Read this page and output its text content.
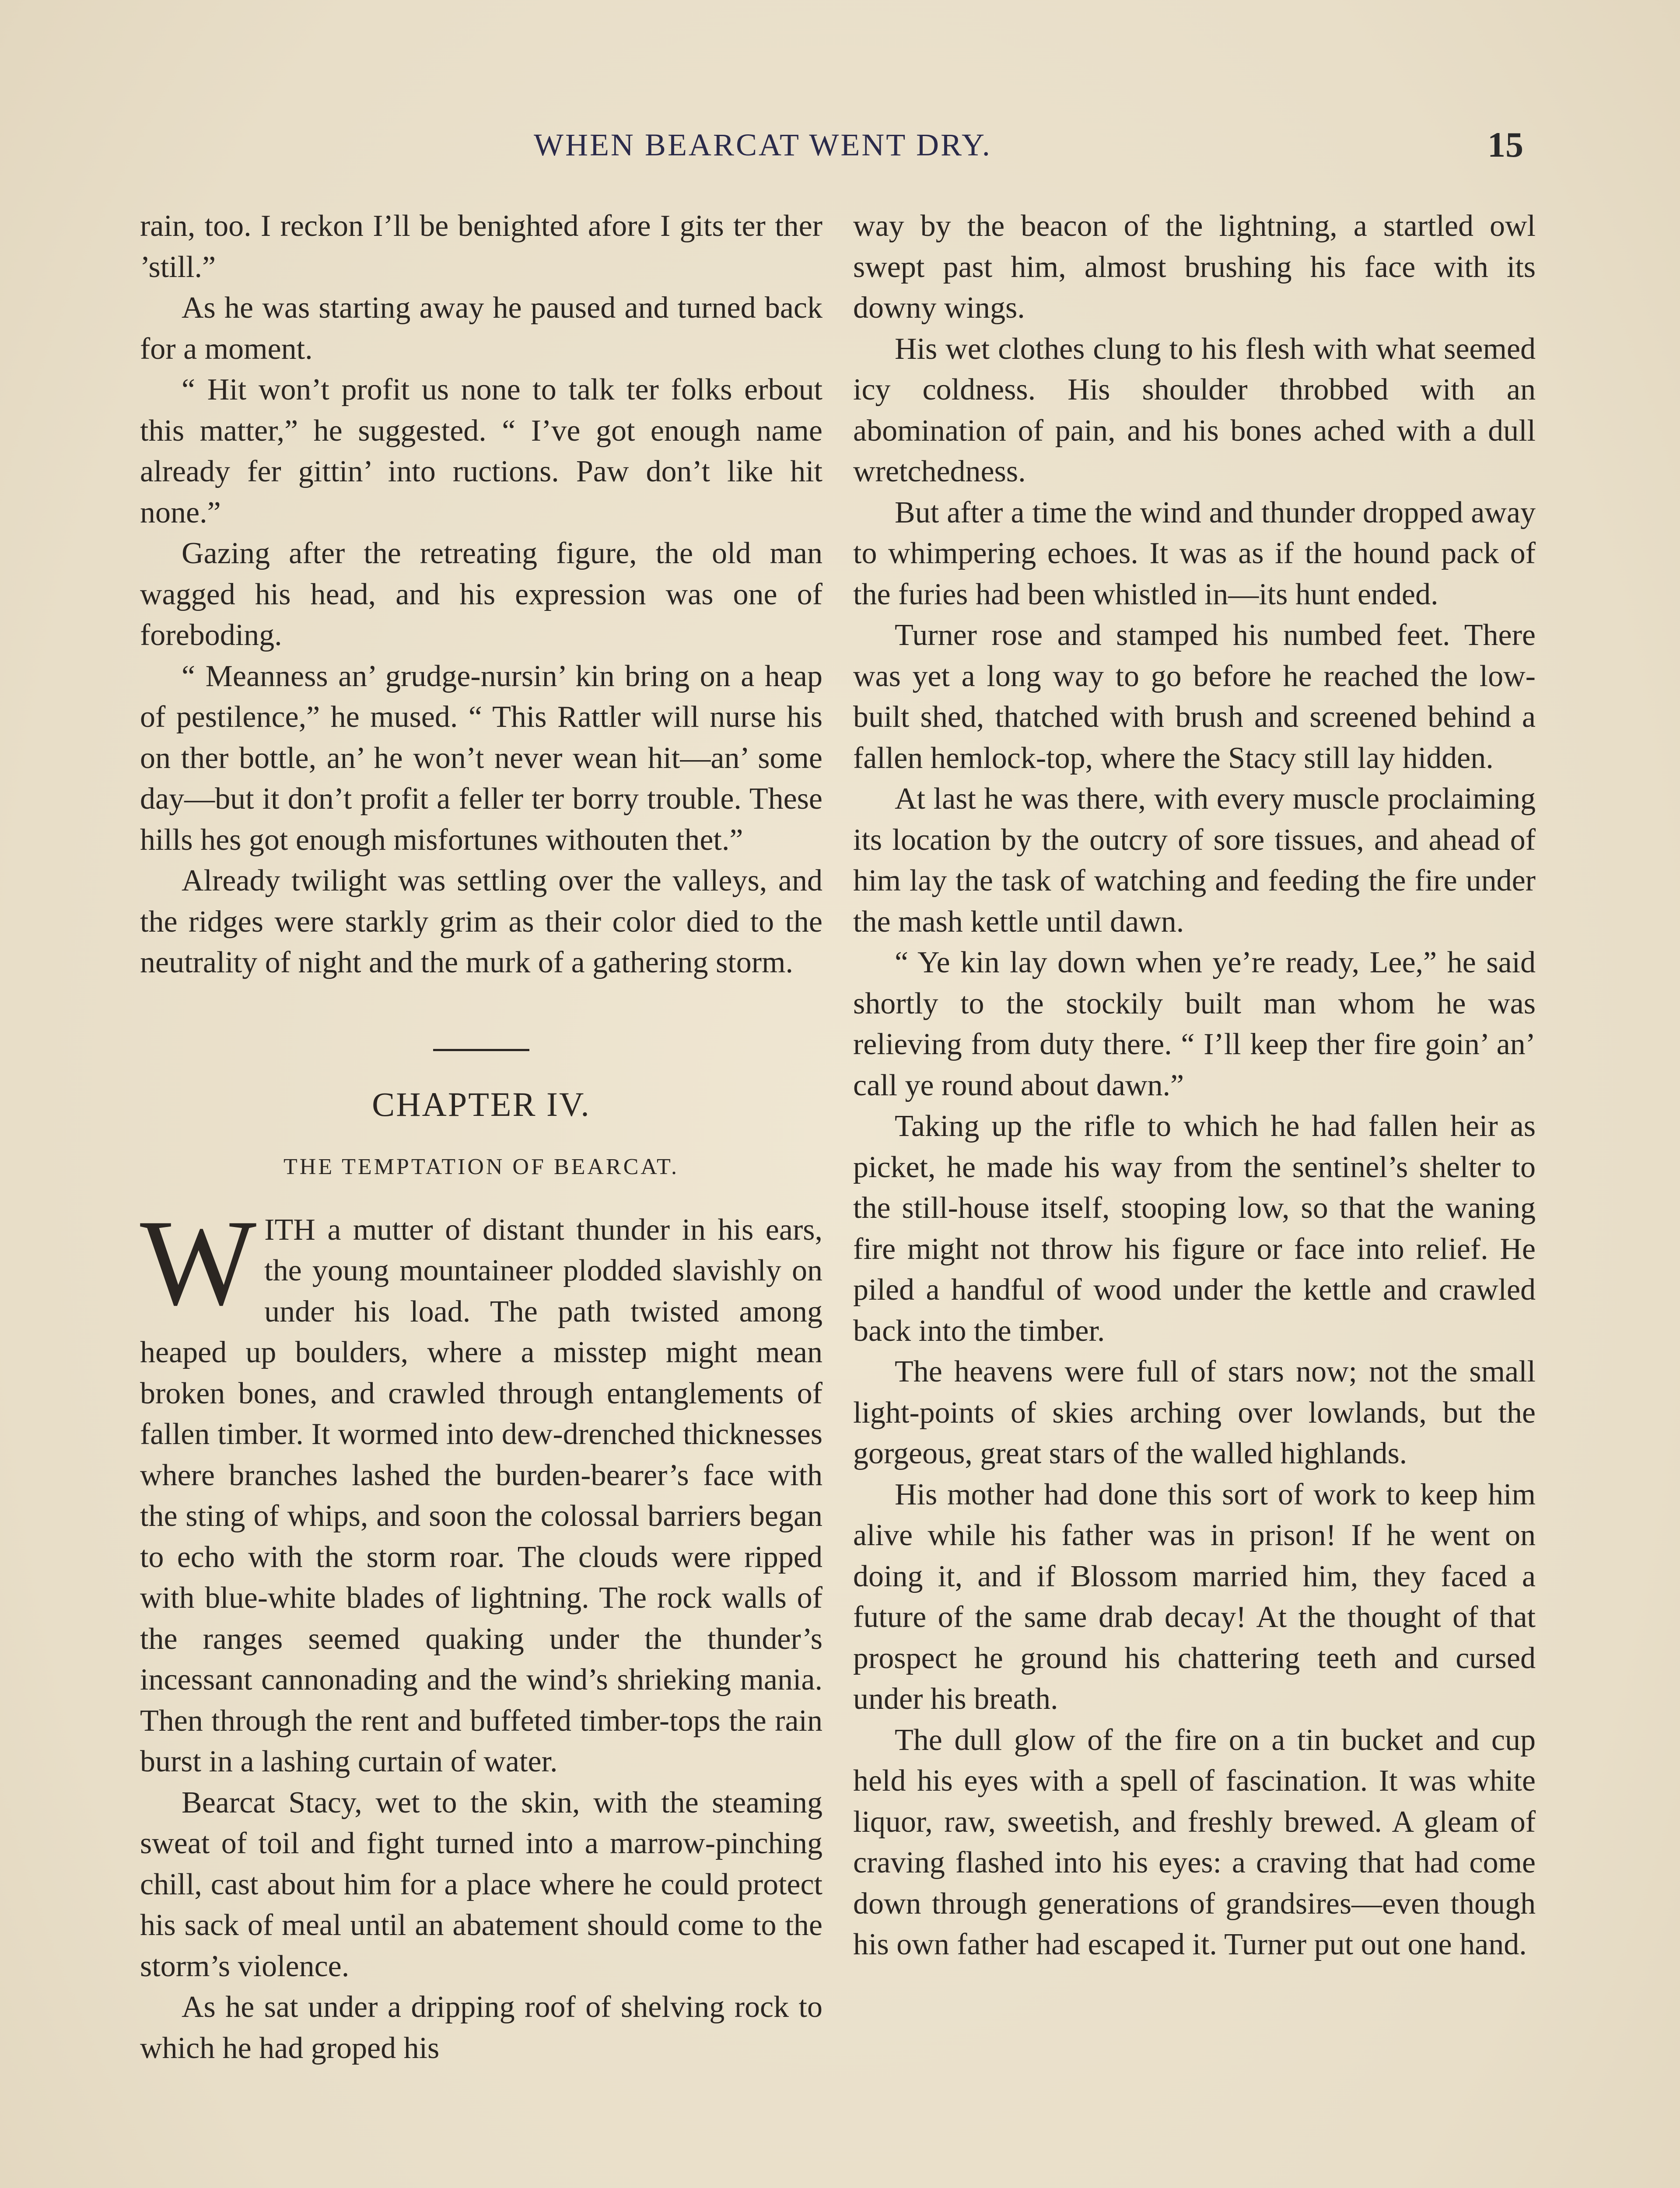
WHEN BEARCAT WENT DRY.	15

rain, too. I reckon I’ll be benighted afore I gits ter ther ’still.”

As he was starting away he paused and turned back for a moment.

“ Hit won’t profit us none to talk ter folks erbout this matter,” he suggested. “ I’ve got enough name already fer gittin’ into ructions. Paw don’t like hit none.”

Gazing after the retreating figure, the old man wagged his head, and his expression was one of foreboding.

“ Meanness an’ grudge-nursin’ kin bring on a heap of pestilence,” he mused. “ This Rattler will nurse his on ther bottle, an’ he won’t never wean hit—an’ some day—but it don’t profit a feller ter borry trouble. These hills hes got enough misfortunes withouten thet.”

Already twilight was settling over the valleys, and the ridges were starkly grim as their color died to the neutrality of night and the murk of a gathering storm.

CHAPTER IV.
THE TEMPTATION OF BEARCAT.

WITH a mutter of distant thunder in his ears, the young mountaineer plodded slavishly on under his load. The path twisted among heaped up boulders, where a misstep might mean broken bones, and crawled through entanglements of fallen timber. It wormed into dew-drenched thicknesses where branches lashed the burden-bearer’s face with the sting of whips, and soon the colossal barriers began to echo with the storm roar. The clouds were ripped with blue-white blades of lightning. The rock walls of the ranges seemed quaking under the thunder’s incessant cannonading and the wind’s shrieking mania. Then through the rent and buffeted timber-tops the rain burst in a lashing curtain of water.

Bearcat Stacy, wet to the skin, with the steaming sweat of toil and fight turned into a marrow-pinching chill, cast about him for a place where he could protect his sack of meal until an abatement should come to the storm’s violence.

As he sat under a dripping roof of shelving rock to which he had groped his

way by the beacon of the lightning, a startled owl swept past him, almost brushing his face with its downy wings.

His wet clothes clung to his flesh with what seemed icy coldness. His shoulder throbbed with an abomination of pain, and his bones ached with a dull wretchedness.

But after a time the wind and thunder dropped away to whimpering echoes. It was as if the hound pack of the furies had been whistled in—its hunt ended.

Turner rose and stamped his numbed feet. There was yet a long way to go before he reached the low-built shed, thatched with brush and screened behind a fallen hemlock-top, where the Stacy still lay hidden.

At last he was there, with every muscle proclaiming its location by the outcry of sore tissues, and ahead of him lay the task of watching and feeding the fire under the mash kettle until dawn.

“ Ye kin lay down when ye’re ready, Lee,” he said shortly to the stockily built man whom he was relieving from duty there. “ I’ll keep ther fire goin’ an’ call ye round about dawn.”

Taking up the rifle to which he had fallen heir as picket, he made his way from the sentinel’s shelter to the still-house itself, stooping low, so that the waning fire might not throw his figure or face into relief. He piled a handful of wood under the kettle and crawled back into the timber.

The heavens were full of stars now; not the small light-points of skies arching over lowlands, but the gorgeous, great stars of the walled highlands.

His mother had done this sort of work to keep him alive while his father was in prison! If he went on doing it, and if Blossom married him, they faced a future of the same drab decay! At the thought of that prospect he ground his chattering teeth and cursed under his breath.

The dull glow of the fire on a tin bucket and cup held his eyes with a spell of fascination. It was white liquor, raw, sweetish, and freshly brewed. A gleam of craving flashed into his eyes: a craving that had come down through generations of grandsires—even though his own father had escaped it. Turner put out one hand.
